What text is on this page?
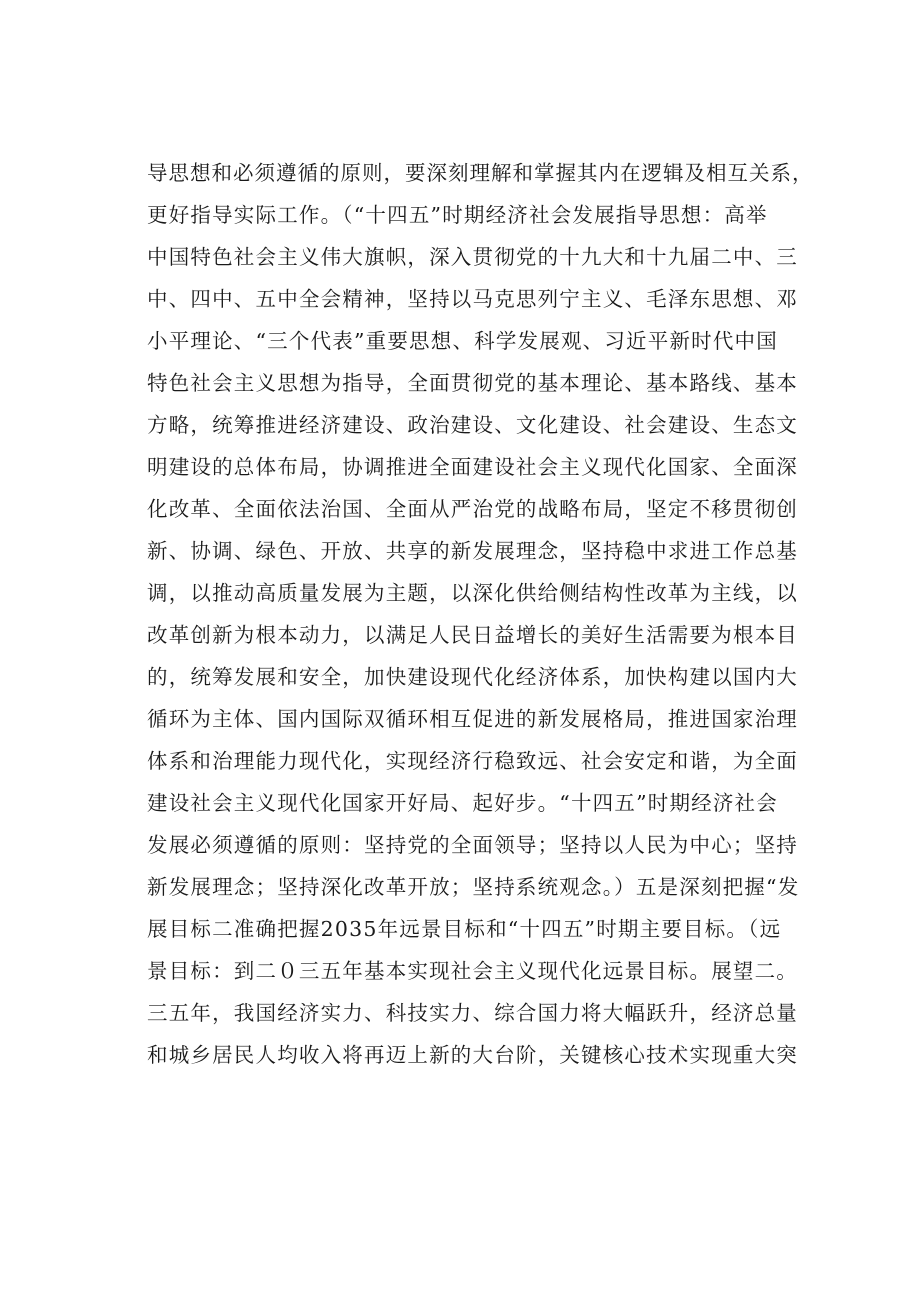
导思想和必须遵循的原则，要深刻理解和掌握其内在逻辑及相互关系，
更好指导实际工作。（“十四五”时期经济社会发展指导思想：高举
中国特色社会主义伟大旗帜，深入贯彻党的十九大和十九届二中、三
中、四中、五中全会精神，坚持以马克思列宁主义、毛泽东思想、邓
小平理论、“三个代表”重要思想、科学发展观、习近平新时代中国
特色社会主义思想为指导，全面贯彻党的基本理论、基本路线、基本
方略，统筹推进经济建设、政治建设、文化建设、社会建设、生态文
明建设的总体布局，协调推进全面建设社会主义现代化国家、全面深
化改革、全面依法治国、全面从严治党的战略布局，坚定不移贯彻创
新、协调、绿色、开放、共享的新发展理念，坚持稳中求进工作总基
调，以推动高质量发展为主题，以深化供给侧结构性改革为主线，以
改革创新为根本动力，以满足人民日益增长的美好生活需要为根本目
的，统筹发展和安全，加快建设现代化经济体系，加快构建以国内大
循环为主体、国内国际双循环相互促进的新发展格局，推进国家治理
体系和治理能力现代化，实现经济行稳致远、社会安定和谐，为全面
建设社会主义现代化国家开好局、起好步。“十四五”时期经济社会
发展必须遵循的原则：坚持党的全面领导；坚持以人民为中心；坚持
新发展理念；坚持深化改革开放；坚持系统观念。）五是深刻把握“发
展目标二准确把握2035年远景目标和“十四五”时期主要目标。（远
景目标：到二０三五年基本实现社会主义现代化远景目标。展望二。
三五年，我国经济实力、科技实力、综合国力将大幅跃升，经济总量
和城乡居民人均收入将再迈上新的大台阶，关键核心技术实现重大突
